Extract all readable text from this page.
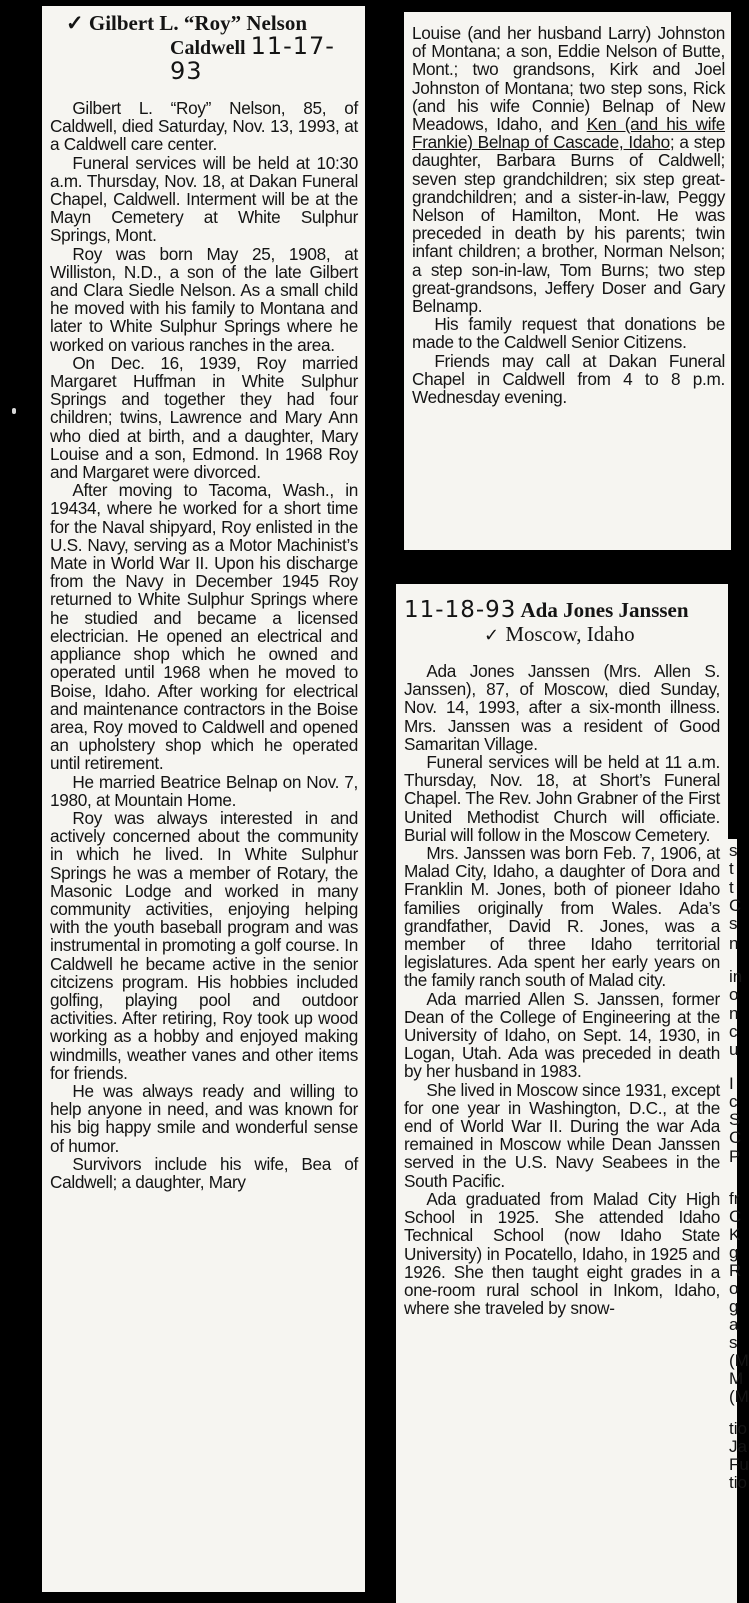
✓ Gilbert L. “Roy” Nelson
Caldwell 11-17-93

Gilbert L. “Roy” Nelson, 85, of Caldwell, died Saturday, Nov. 13, 1993, at a Caldwell care center.

Funeral services will be held at 10:30 a.m. Thursday, Nov. 18, at Dakan Funeral Chapel, Caldwell. Interment will be at the Mayn Cemetery at White Sulphur Springs, Mont.

Roy was born May 25, 1908, at Williston, N.D., a son of the late Gilbert and Clara Siedle Nelson. As a small child he moved with his family to Montana and later to White Sulphur Springs where he worked on various ranches in the area.

On Dec. 16, 1939, Roy married Margaret Huffman in White Sulphur Springs and together they had four children; twins, Lawrence and Mary Ann who died at birth, and a daughter, Mary Louise and a son, Edmond. In 1968 Roy and Margaret were divorced.

After moving to Tacoma, Wash., in 19434, where he worked for a short time for the Naval shipyard, Roy enlisted in the U.S. Navy, serving as a Motor Machinist’s Mate in World War II. Upon his discharge from the Navy in December 1945 Roy returned to White Sulphur Springs where he studied and became a licensed electrician. He opened an electrical and appliance shop which he owned and operated until 1968 when he moved to Boise, Idaho. After working for electrical and maintenance contractors in the Boise area, Roy moved to Caldwell and opened an upholstery shop which he operated until retirement.

He married Beatrice Belnap on Nov. 7, 1980, at Mountain Home.

Roy was always interested in and actively concerned about the community in which he lived. In White Sulphur Springs he was a member of Rotary, the Masonic Lodge and worked in many community activities, enjoying helping with the youth baseball program and was instrumental in promoting a golf course. In Caldwell he became active in the senior citcizens program. His hobbies included golfing, playing pool and outdoor activities. After retiring, Roy took up wood working as a hobby and enjoyed making windmills, weather vanes and other items for friends.

He was always ready and willing to help anyone in need, and was known for his big happy smile and wonderful sense of humor.

Survivors include his wife, Bea of Caldwell; a daughter, Mary

Louise (and her husband Larry) Johnston of Montana; a son, Eddie Nelson of Butte, Mont.; two grandsons, Kirk and Joel Johnston of Montana; two step sons, Rick (and his wife Connie) Belnap of New Meadows, Idaho, and Ken (and his wife Frankie) Belnap of Cascade, Idaho; a step daughter, Barbara Burns of Caldwell; seven step grandchildren; six step great-grandchildren; and a sister-in-law, Peggy Nelson of Hamilton, Mont. He was preceded in death by his parents; twin infant children; a brother, Norman Nelson; a step son-in-law, Tom Burns; two step great-grandsons, Jeffery Doser and Gary Belnamp.

His family request that donations be made to the Caldwell Senior Citizens.

Friends may call at Dakan Funeral Chapel in Caldwell from 4 to 8 p.m. Wednesday evening.

11-18-93 Ada Jones Janssen
✓ Moscow, Idaho

Ada Jones Janssen (Mrs. Allen S. Janssen), 87, of Moscow, died Sunday, Nov. 14, 1993, after a six-month illness. Mrs. Janssen was a resident of Good Samaritan Village.

Funeral services will be held at 11 a.m. Thursday, Nov. 18, at Short’s Funeral Chapel. The Rev. John Grabner of the First United Methodist Church will officiate. Burial will follow in the Moscow Cemetery.

Mrs. Janssen was born Feb. 7, 1906, at Malad City, Idaho, a daughter of Dora and Franklin M. Jones, both of pioneer Idaho families originally from Wales. Ada’s grandfather, David R. Jones, was a member of three Idaho territorial legislatures. Ada spent her early years on the family ranch south of Malad city.

Ada married Allen S. Janssen, former Dean of the College of Engineering at the University of Idaho, on Sept. 14, 1930, in Logan, Utah. Ada was preceded in death by her husband in 1983.

She lived in Moscow since 1931, except for one year in Washington, D.C., at the end of World War II. During the war Ada remained in Moscow while Dean Janssen served in the U.S. Navy Seabees in the South Pacific.

Ada graduated from Malad City High School in 1925. She attended Idaho Technical School (now Idaho State University) in Pocatello, Idaho, in 1925 and 1926. She then taught eight grades in a one-room rural school in Inkom, Idaho, where she traveled by snow-

s
t
t
C
s
n
in
o
n
c
u
I
c
S
C
P
fr
C
K
g
R
o
g
a
s
(M
M
(M
tio
Ja
Fu
tio
